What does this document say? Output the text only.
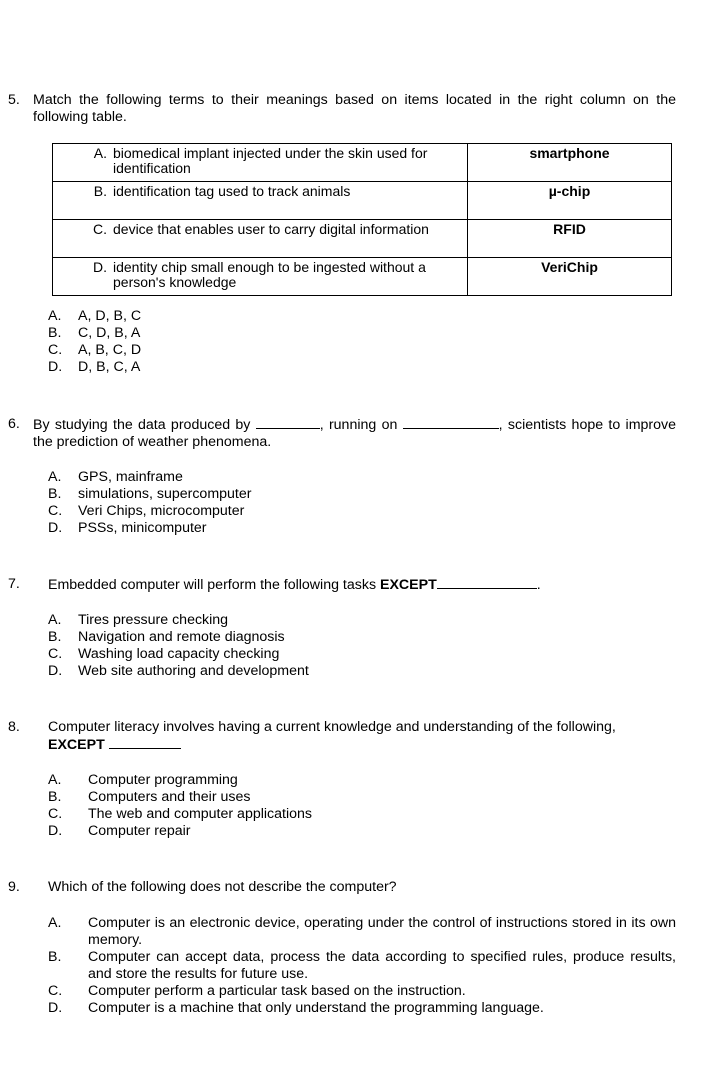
5. Match the following terms to their meanings based on items located in the right column on the following table.
A. biomedical implant injected under the skin used for identification	smartphone

B. identification tag used to track animals	µ-chip

C. device that enables user to carry digital information	RFID

D. identity chip small enough to be ingested without a person's knowledge	VeriChip
A.	A, D, B, C
B.	C, D, B, A
C.	A, B, C, D
D.	D, B, C, A
6. By studying the data produced by	, running on	, scientists hope to improve the prediction of weather phenomena.
A.	GPS, mainframe
B.	simulations, supercomputer
C.	Veri Chips, microcomputer
D.	PSSs, minicomputer
7.	Embedded computer will perform the following tasks EXCEPT	.
A.	Tires pressure checking
B.	Navigation and remote diagnosis
C.	Washing load capacity checking
D.	Web site authoring and development
8.	Computer literacy involves having a current knowledge and understanding of the following,
EXCEPT
A.	Computer programming
B.	Computers and their uses
C.	The web and computer applications
D.	Computer repair
9.	Which of the following does not describe the computer?
A.	Computer is an electronic device, operating under the control of instructions stored in its own memory.
B.	Computer can accept data, process the data according to specified rules, produce results, and store the results for future use.
C.	Computer perform a particular task based on the instruction.
D.	Computer is a machine that only understand the programming language.
